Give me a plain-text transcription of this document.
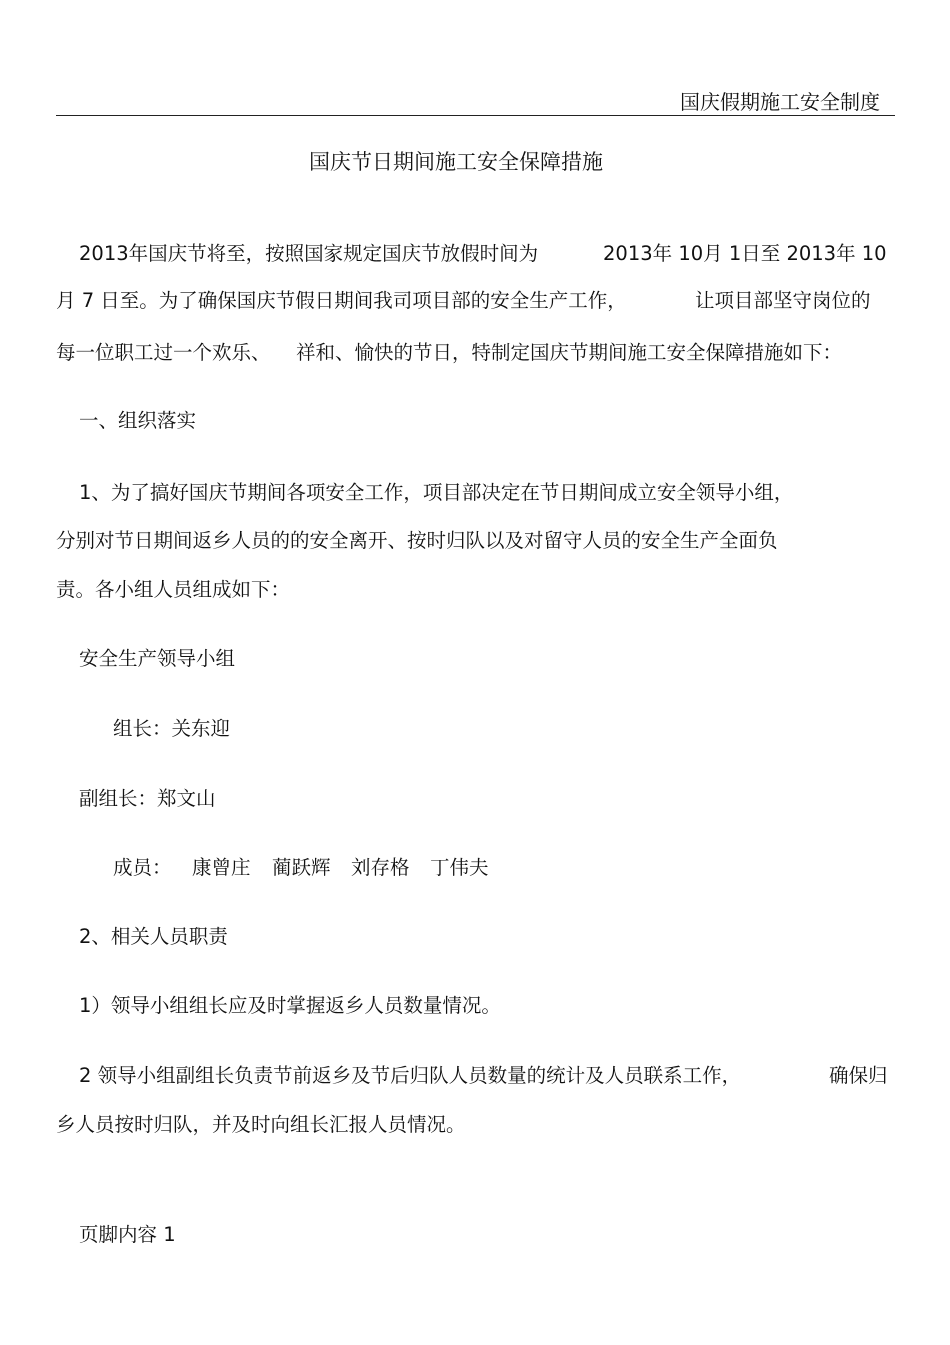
国庆假期施工安全制度
国庆节日期间施工安全保障措施
2013年国庆节将至，按照国家规定国庆节放假时间为	2013年 10月 1日至 2013年 10
月 7 日至。为了确保国庆节假日期间我司项目部的安全生产工作，	让项目部坚守岗位的
每一位职工过一个欢乐、 祥和、愉快的节日，特制定国庆节期间施工安全保障措施如下：
一、组织落实
1、为了搞好国庆节期间各项安全工作，项目部决定在节日期间成立安全领导小组，
分别对节日期间返乡人员的的安全离开、按时归队以及对留守人员的安全生产全面负
责。各小组人员组成如下：
安全生产领导小组
组长：关东迎
副组长：郑文山
成员： 康曾庄 蔺跃辉 刘存格 丁伟夫
2、相关人员职责
1）领导小组组长应及时掌握返乡人员数量情况。
2 领导小组副组长负责节前返乡及节后归队人员数量的统计及人员联系工作，	确保归
乡人员按时归队，并及时向组长汇报人员情况。
页脚内容 1
